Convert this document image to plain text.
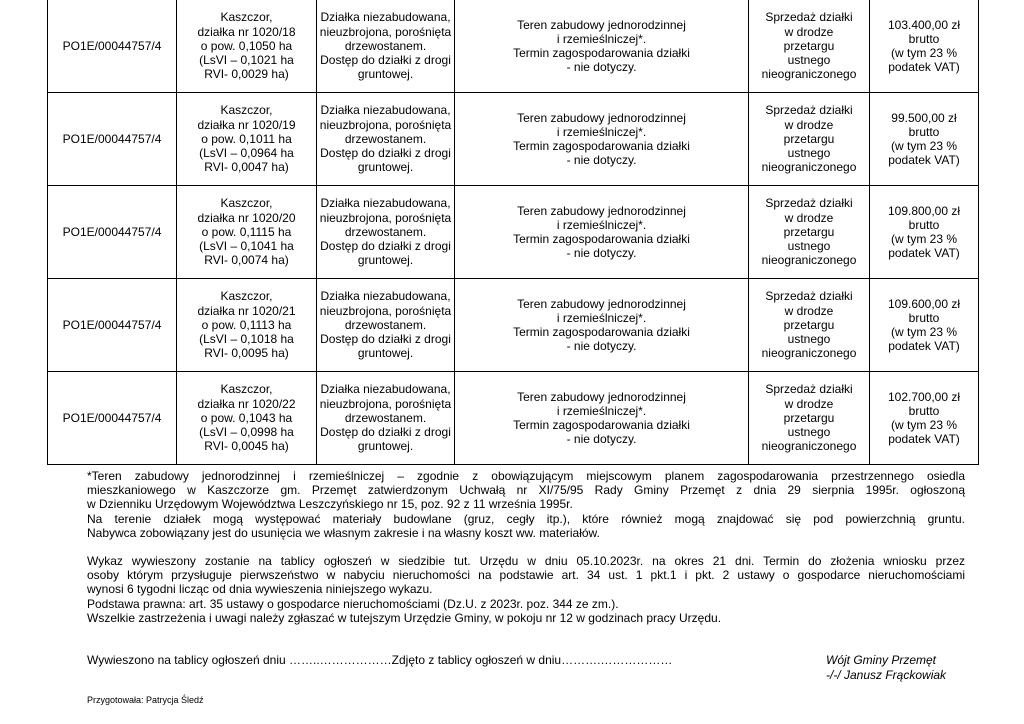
PO1E/00044757/4	Kaszczor,
działka nr 1020/18
o pow. 0,1050 ha
(LsVI – 0,1021 ha
RVI- 0,0029 ha)	Działka niezabudowana,
nieuzbrojona, porośnięta
drzewostanem.
Dostęp do działki z drogi
gruntowej.	Teren zabudowy jednorodzinnej
i rzemieślniczej*.
Termin zagospodarowania działki
- nie dotyczy.	Sprzedaż działki
w drodze
przetargu
ustnego
nieograniczonego	103.400,00 zł
brutto
(w tym 23 %
podatek VAT)

PO1E/00044757/4	Kaszczor,
działka nr 1020/19
o pow. 0,1011 ha
(LsVI – 0,0964 ha
RVI- 0,0047 ha)	Działka niezabudowana,
nieuzbrojona, porośnięta
drzewostanem.
Dostęp do działki z drogi
gruntowej.	Teren zabudowy jednorodzinnej
i rzemieślniczej*.
Termin zagospodarowania działki
- nie dotyczy.	Sprzedaż działki
w drodze
przetargu
ustnego
nieograniczonego	99.500,00 zł
brutto
(w tym 23 %
podatek VAT)

PO1E/00044757/4	Kaszczor,
działka nr 1020/20
o pow. 0,1115 ha
(LsVI – 0,1041 ha
RVI- 0,0074 ha)	Działka niezabudowana,
nieuzbrojona, porośnięta
drzewostanem.
Dostęp do działki z drogi
gruntowej.	Teren zabudowy jednorodzinnej
i rzemieślniczej*.
Termin zagospodarowania działki
- nie dotyczy.	Sprzedaż działki
w drodze
przetargu
ustnego
nieograniczonego	109.800,00 zł
brutto
(w tym 23 %
podatek VAT)

PO1E/00044757/4	Kaszczor,
działka nr 1020/21
o pow. 0,1113 ha
(LsVI – 0,1018 ha
RVI- 0,0095 ha)	Działka niezabudowana,
nieuzbrojona, porośnięta
drzewostanem.
Dostęp do działki z drogi
gruntowej.	Teren zabudowy jednorodzinnej
i rzemieślniczej*.
Termin zagospodarowania działki
- nie dotyczy.	Sprzedaż działki
w drodze
przetargu
ustnego
nieograniczonego	109.600,00 zł
brutto
(w tym 23 %
podatek VAT)

PO1E/00044757/4	Kaszczor,
działka nr 1020/22
o pow. 0,1043 ha
(LsVI – 0,0998 ha
RVI- 0,0045 ha)	Działka niezabudowana,
nieuzbrojona, porośnięta
drzewostanem.
Dostęp do działki z drogi
gruntowej.	Teren zabudowy jednorodzinnej
i rzemieślniczej*.
Termin zagospodarowania działki
- nie dotyczy.	Sprzedaż działki
w drodze
przetargu
ustnego
nieograniczonego	102.700,00 zł
brutto
(w tym 23 %
podatek VAT)

*Teren zabudowy jednorodzinnej i rzemieślniczej – zgodnie z obowiązującym miejscowym planem zagospodarowania przestrzennego osiedla

mieszkaniowego w Kaszczorze gm. Przemęt zatwierdzonym Uchwałą nr XI/75/95 Rady Gminy Przemęt z dnia 29 sierpnia 1995r. ogłoszoną

w Dzienniku Urzędowym Województwa Leszczyńskiego nr 15, poz. 92 z 11 września 1995r.

Na terenie działek mogą występować materiały budowlane (gruz, cegły itp.), które również mogą znajdować się pod powierzchnią gruntu.

Nabywca zobowiązany jest do usunięcia we własnym zakresie i na własny koszt ww. materiałów.

Wykaz wywieszony zostanie na tablicy ogłoszeń w siedzibie tut. Urzędu w dniu 05.10.2023r. na okres 21 dni. Termin do złożenia wniosku przez

osoby którym przysługuje pierwszeństwo w nabyciu nieruchomości na podstawie art. 34 ust. 1 pkt.1 i pkt. 2 ustawy o gospodarce nieruchomościami

wynosi 6 tygodni licząc od dnia wywieszenia niniejszego wykazu.

Podstawa prawna: art. 35 ustawy o gospodarce nieruchomościami (Dz.U. z 2023r. poz. 344 ze zm.).

Wszelkie zastrzeżenia i uwagi należy zgłaszać w tutejszym Urzędzie Gminy, w pokoju nr 12 w godzinach pracy Urzędu.

Wywieszono na tablicy ogłoszeń dniu ……..………………Zdjęto z tablicy ogłoszeń w dniu……….………………	Wójt Gminy Przemęt
-/-/ Janusz Frąckowiak
Przygotowała: Patrycja Śledź
